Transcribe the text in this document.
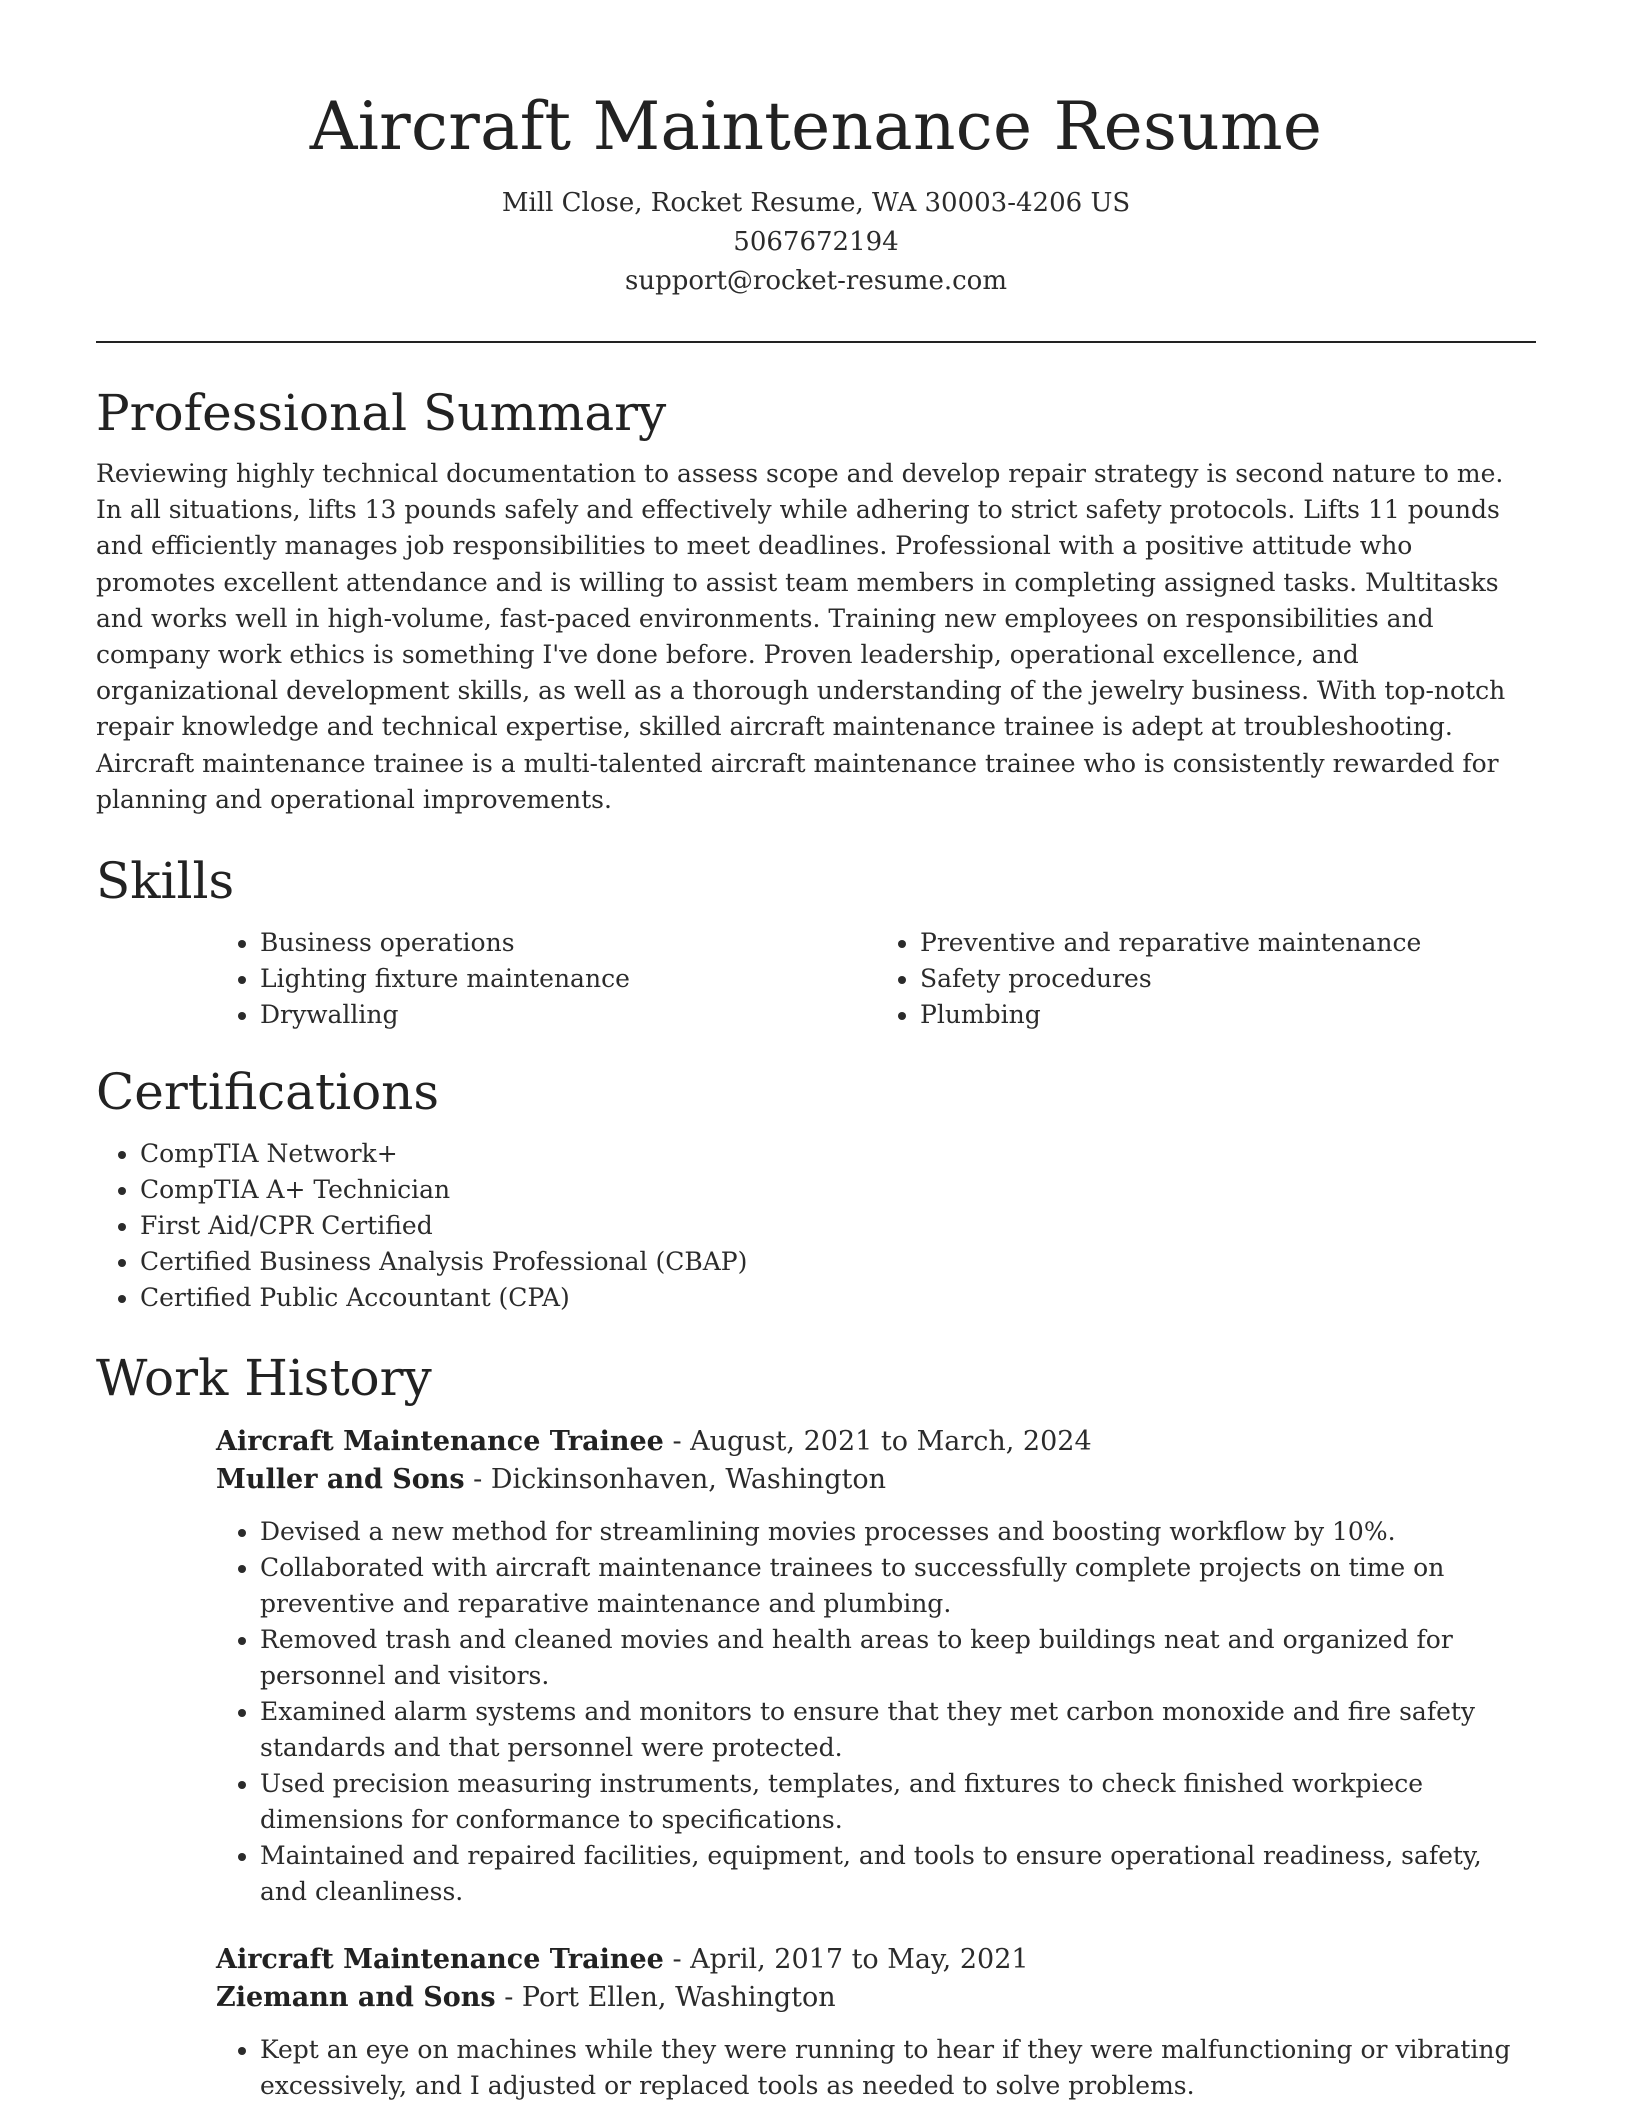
Aircraft Maintenance Resume
Mill Close, Rocket Resume, WA 30003-4206 US
5067672194
support@rocket-resume.com
Professional Summary

Reviewing highly technical documentation to assess scope and develop repair strategy is second nature to me. In all situations, lifts 13 pounds safely and effectively while adhering to strict safety protocols. Lifts 11 pounds and efficiently manages job responsibilities to meet deadlines. Professional with a positive attitude who promotes excellent attendance and is willing to assist team members in completing assigned tasks. Multitasks and works well in high-volume, fast-paced environments. Training new employees on responsibilities and company work ethics is something I've done before. Proven leadership, operational excellence, and organizational development skills, as well as a thorough understanding of the jewelry business. With top-notch repair knowledge and technical expertise, skilled aircraft maintenance trainee is adept at troubleshooting. Aircraft maintenance trainee is a multi-talented aircraft maintenance trainee who is consistently rewarded for planning and operational improvements.

Skills
• Business operations
• Lighting fixture maintenance
• Drywalling
• Preventive and reparative maintenance
• Safety procedures
• Plumbing
Certifications
• CompTIA Network+
• CompTIA A+ Technician
• First Aid/CPR Certified
• Certified Business Analysis Professional (CBAP)
• Certified Public Accountant (CPA)
Work History
Aircraft Maintenance Trainee - August, 2021 to March, 2024
Muller and Sons - Dickinsonhaven, Washington
• Devised a new method for streamlining movies processes and boosting workflow by 10%.
• Collaborated with aircraft maintenance trainees to successfully complete projects on time on preventive and reparative maintenance and plumbing.
• Removed trash and cleaned movies and health areas to keep buildings neat and organized for personnel and visitors.
• Examined alarm systems and monitors to ensure that they met carbon monoxide and fire safety standards and that personnel were protected.
• Used precision measuring instruments, templates, and fixtures to check finished workpiece dimensions for conformance to specifications.
• Maintained and repaired facilities, equipment, and tools to ensure operational readiness, safety, and cleanliness.
Aircraft Maintenance Trainee - April, 2017 to May, 2021
Ziemann and Sons - Port Ellen, Washington
• Kept an eye on machines while they were running to hear if they were malfunctioning or vibrating excessively, and I adjusted or replaced tools as needed to solve problems.
